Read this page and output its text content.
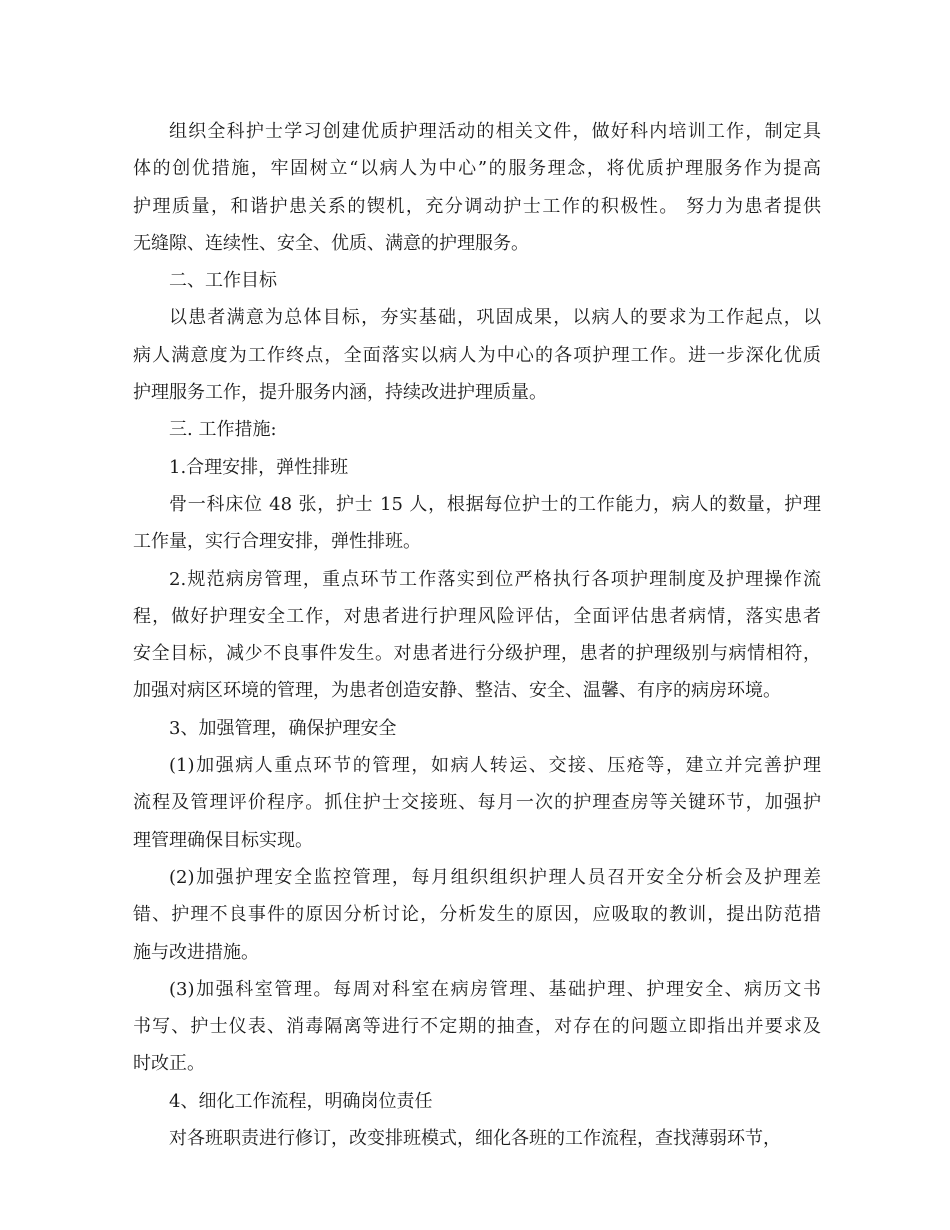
组织全科护士学习创建优质护理活动的相关文件，做好科内培训工作，制定具
体的创优措施，牢固树立“以病人为中心”的服务理念，将优质护理服务作为提高
护理质量，和谐护患关系的锲机，充分调动护士工作的积极性。 努力为患者提供
无缝隙、连续性、安全、优质、满意的护理服务。
二、工作目标
以患者满意为总体目标，夯实基础，巩固成果，以病人的要求为工作起点，以
病人满意度为工作终点，全面落实以病人为中心的各项护理工作。进一步深化优质
护理服务工作，提升服务内涵，持续改进护理质量。
三. 工作措施:
1.合理安排，弹性排班
骨一科床位 48 张，护士 15 人，根据每位护士的工作能力，病人的数量，护理
工作量，实行合理安排，弹性排班。
2.规范病房管理，重点环节工作落实到位严格执行各项护理制度及护理操作流
程，做好护理安全工作，对患者进行护理风险评估，全面评估患者病情，落实患者
安全目标，减少不良事件发生。对患者进行分级护理，患者的护理级别与病情相符，
加强对病区环境的管理，为患者创造安静、整洁、安全、温馨、有序的病房环境。
3、加强管理，确保护理安全
(1)加强病人重点环节的管理，如病人转运、交接、压疮等，建立并完善护理
流程及管理评价程序。抓住护士交接班、每月一次的护理查房等关键环节，加强护
理管理确保目标实现。
(2)加强护理安全监控管理，每月组织组织护理人员召开安全分析会及护理差
错、护理不良事件的原因分析讨论，分析发生的原因，应吸取的教训，提出防范措
施与改进措施。
(3)加强科室管理。每周对科室在病房管理、基础护理、护理安全、病历文书
书写、护士仪表、消毒隔离等进行不定期的抽查，对存在的问题立即指出并要求及
时改正。
4、细化工作流程，明确岗位责任
对各班职责进行修订，改变排班模式，细化各班的工作流程，查找薄弱环节，
